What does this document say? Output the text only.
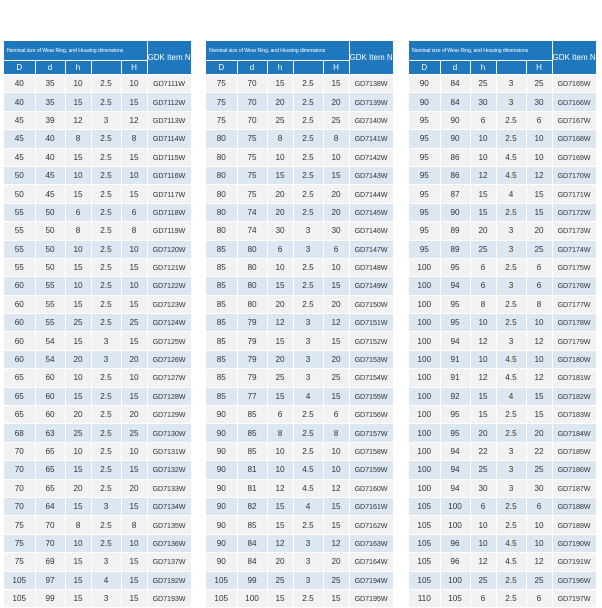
Nominal size of Wear Ring, and Housing dimensions					GDK Item No.
D	d	h		H	
40	35	10	2.5	10	GD7111W
40	35	15	2.5	15	GD7112W
45	39	12	3	12	GD7113W
45	40	8	2.5	8	GD7114W
45	40	15	2.5	15	GD7115W
50	45	10	2.5	10	GD7116W
50	45	15	2.5	15	GD7117W
55	50	6	2.5	6	GD7118W
55	50	8	2.5	8	GD7119W
55	50	10	2.5	10	GD7120W
55	50	15	2.5	15	GD7121W
60	55	10	2.5	10	GD7122W
60	55	15	2.5	15	GD7123W
60	55	25	2.5	25	GD7124W
60	54	15	3	15	GD7125W
60	54	20	3	20	GD7126W
65	60	10	2.5	10	GD7127W
65	60	15	2.5	15	GD7128W
65	60	20	2.5	20	GD7129W
68	63	25	2.5	25	GD7130W
70	65	10	2.5	10	GD7131W
70	65	15	2.5	15	GD7132W
70	65	20	2.5	20	GD7133W
70	64	15	3	15	GD7134W
75	70	8	2.5	8	GD7135W
75	70	10	2.5	10	GD7136W
75	69	15	3	15	GD7137W
105	97	15	4	15	GD7192W
105	99	15	3	15	GD7193W
Nominal size of Wear Ring, and Housing dimensions					GDK Item No.
D	d	h		H	
75	70	15	2.5	15	GD7138W
75	70	20	2.5	20	GD7139W
75	70	25	2.5	25	GD7140W
80	75	8	2.5	8	GD7141W
80	75	10	2.5	10	GD7142W
80	75	15	2.5	15	GD7143W
80	75	20	2.5	20	GD7144W
80	74	20	2.5	20	GD7145W
80	74	30	3	30	GD7146W
85	80	6	3	6	GD7147W
85	80	10	2.5	10	GD7148W
85	80	15	2.5	15	GD7149W
85	80	20	2.5	20	GD7150W
85	79	12	3	12	GD7151W
85	79	15	3	15	GD7152W
85	79	20	3	20	GD7153W
85	79	25	3	25	GD7154W
85	77	15	4	15	GD7155W
90	85	6	2.5	6	GD7156W
90	85	8	2.5	8	GD7157W
90	85	10	2.5	10	GD7158W
90	81	10	4.5	10	GD7159W
90	81	12	4.5	12	GD7160W
90	82	15	4	15	GD7161W
90	85	15	2.5	15	GD7162W
90	84	12	3	12	GD7163W
90	84	20	3	20	GD7164W
105	99	25	3	25	GD7194W
105	100	15	2.5	15	GD7195W
Nominal size of Wear Ring, and Housing dimensions					GDK Item No.
D	d	h		H	
90	84	25	3	25	GD7165W
90	84	30	3	30	GD7166W
95	90	6	2.5	6	GD7167W
95	90	10	2.5	10	GD7168W
95	86	10	4.5	10	GD7169W
95	86	12	4.5	12	GD7170W
95	87	15	4	15	GD7171W
95	90	15	2.5	15	GD7172W
95	89	20	3	20	GD7173W
95	89	25	3	25	GD7174W
100	95	6	2.5	6	GD7175W
100	94	6	3	6	GD7176W
100	95	8	2.5	8	GD7177W
100	95	10	2.5	10	GD7178W
100	94	12	3	12	GD7179W
100	91	10	4.5	10	GD7180W
100	91	12	4.5	12	GD7181W
100	92	15	4	15	GD7182W
100	95	15	2.5	15	GD7183W
100	95	20	2.5	20	GD7184W
100	94	22	3	22	GD7185W
100	94	25	3	25	GD7186W
100	94	30	3	30	GD7187W
105	100	6	2.5	6	GD7188W
105	100	10	2.5	10	GD7189W
105	96	10	4.5	10	GD7190W
105	96	12	4.5	12	GD7191W
105	100	25	2.5	25	GD7196W
110	105	6	2.5	6	GD7197W
